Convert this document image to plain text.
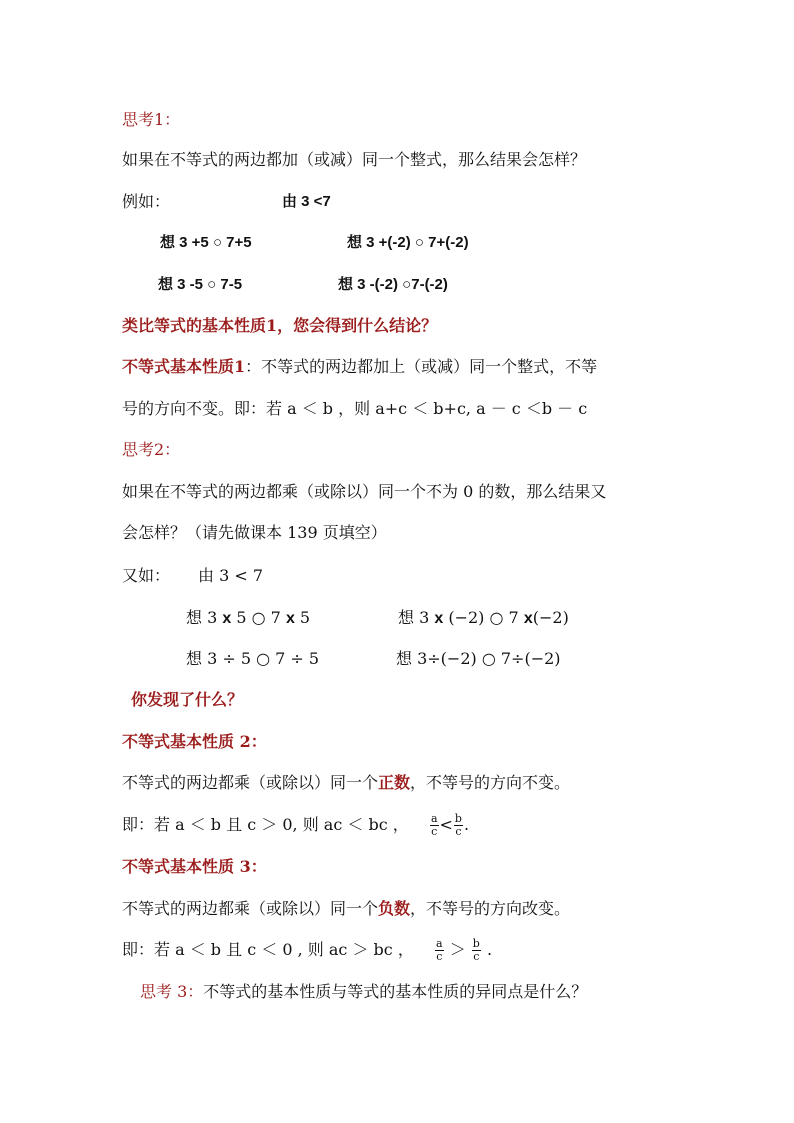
思考1：
如果在不等式的两边都加（或减）同一个整式，那么结果会怎样？
例如：	由 3 <7
想 3 +5 ○ 7+5	想 3 +(-2) ○ 7+(-2)
想 3 -5 ○ 7-5	想 3 -(-2) ○7-(-2)
类比等式的基本性质1，您会得到什么结论？
不等式基本性质1：不等式的两边都加上（或减）同一个整式，不等
号的方向不变。即：若 a ＜ b ，则 a+c ＜ b+c, a － c ＜b － c
思考2：
如果在不等式的两边都乘（或除以）同一个不为 0 的数，那么结果又
会怎样？（请先做课本 139 页填空）
又如： 由 3 < 7
想 3 x 5 ○ 7 x 5	想 3 x (−2) ○ 7 x(−2)
想 3 ÷ 5 ○ 7 ÷ 5	想 3÷(−2) ○ 7÷(−2)
你发现了什么？
不等式基本性质 2：
不等式的两边都乘（或除以）同一个正数，不等号的方向不变。
即：若 a ＜ b 且 c ＞ 0, 则 ac ＜ bc ， $\frac{a}{c} < \frac{b}{c}$ .
不等式基本性质 3：
不等式的两边都乘（或除以）同一个负数，不等号的方向改变。
即：若 a ＜ b 且 c ＜ 0 , 则 ac ＞ bc ， $\frac{a}{c} > \frac{b}{c}$ .
思考 3：不等式的基本性质与等式的基本性质的异同点是什么？
